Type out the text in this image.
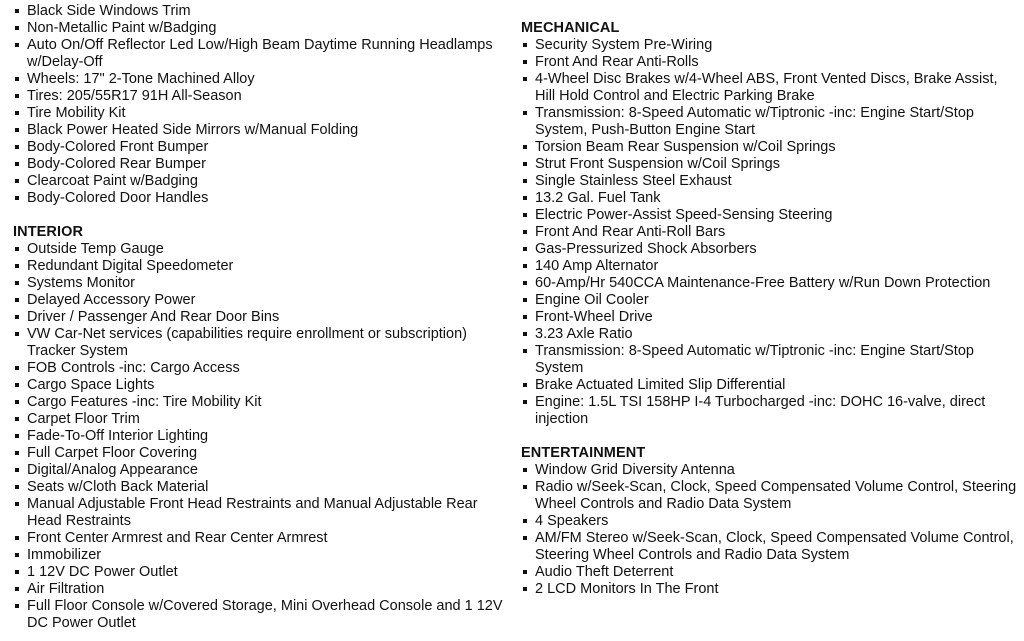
Black Side Windows Trim
Non-Metallic Paint w/Badging
Auto On/Off Reflector Led Low/High Beam Daytime Running Headlamps w/Delay-Off
Wheels: 17" 2-Tone Machined Alloy
Tires: 205/55R17 91H All-Season
Tire Mobility Kit
Black Power Heated Side Mirrors w/Manual Folding
Body-Colored Front Bumper
Body-Colored Rear Bumper
Clearcoat Paint w/Badging
Body-Colored Door Handles
INTERIOR
Outside Temp Gauge
Redundant Digital Speedometer
Systems Monitor
Delayed Accessory Power
Driver / Passenger And Rear Door Bins
VW Car-Net services (capabilities require enrollment or subscription) Tracker System
FOB Controls -inc: Cargo Access
Cargo Space Lights
Cargo Features -inc: Tire Mobility Kit
Carpet Floor Trim
Fade-To-Off Interior Lighting
Full Carpet Floor Covering
Digital/Analog Appearance
Seats w/Cloth Back Material
Manual Adjustable Front Head Restraints and Manual Adjustable Rear Head Restraints
Front Center Armrest and Rear Center Armrest
Immobilizer
1 12V DC Power Outlet
Air Filtration
Full Floor Console w/Covered Storage, Mini Overhead Console and 1 12V DC Power Outlet
MECHANICAL
Security System Pre-Wiring
Front And Rear Anti-Rolls
4-Wheel Disc Brakes w/4-Wheel ABS, Front Vented Discs, Brake Assist, Hill Hold Control and Electric Parking Brake
Transmission: 8-Speed Automatic w/Tiptronic -inc: Engine Start/Stop System, Push-Button Engine Start
Torsion Beam Rear Suspension w/Coil Springs
Strut Front Suspension w/Coil Springs
Single Stainless Steel Exhaust
13.2 Gal. Fuel Tank
Electric Power-Assist Speed-Sensing Steering
Front And Rear Anti-Roll Bars
Gas-Pressurized Shock Absorbers
140 Amp Alternator
60-Amp/Hr 540CCA Maintenance-Free Battery w/Run Down Protection
Engine Oil Cooler
Front-Wheel Drive
3.23 Axle Ratio
Transmission: 8-Speed Automatic w/Tiptronic -inc: Engine Start/Stop System
Brake Actuated Limited Slip Differential
Engine: 1.5L TSI 158HP I-4 Turbocharged -inc: DOHC 16-valve, direct injection
ENTERTAINMENT
Window Grid Diversity Antenna
Radio w/Seek-Scan, Clock, Speed Compensated Volume Control, Steering Wheel Controls and Radio Data System
4 Speakers
AM/FM Stereo w/Seek-Scan, Clock, Speed Compensated Volume Control, Steering Wheel Controls and Radio Data System
Audio Theft Deterrent
2 LCD Monitors In The Front
